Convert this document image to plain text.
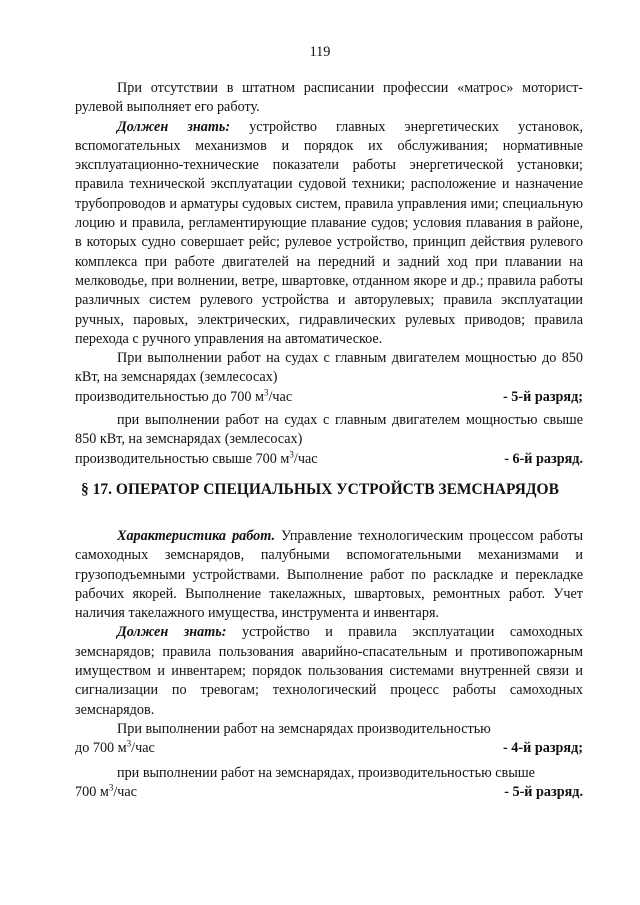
119

При отсутствии в штатном расписании профессии «матрос» моторист-рулевой выполняет его работу.

Должен знать: устройство главных энергетических установок, вспомогательных механизмов и порядок их обслуживания; нормативные эксплуатационно-технические показатели работы энергетической установки; правила технической эксплуатации судовой техники; расположение и назначение трубопроводов и арматуры судовых систем, правила управления ими; специальную лоцию и правила, регламентирующие плавание судов; условия плавания в районе, в которых судно совершает рейс; рулевое устройство, принцип действия рулевого комплекса при работе двигателей на передний и задний ход при плавании на мелководье, при волнении, ветре, швартовке, отданном якоре и др.; правила работы различных систем рулевого устройства и авторулевых; правила эксплуатации ручных, паровых, электрических, гидравлических рулевых приводов; правила перехода с ручного управления на автоматическое.

При выполнении работ на судах с главным двигателем мощностью до 850 кВт, на земснарядах (землесосах)

производительностью до 700 $м^3$/час	- 5-й разряд;

при выполнении работ на судах с главным двигателем мощностью свыше 850 кВт, на земснарядах (землесосах)

производительностью свыше 700 $м^3$/час	- 6-й разряд.
§ 17. ОПЕРАТОР СПЕЦИАЛЬНЫХ УСТРОЙСТВ ЗЕМСНАРЯДОВ

Характеристика работ. Управление технологическим процессом работы самоходных земснарядов, палубными вспомогательными механизмами и грузоподъемными устройствами. Выполнение работ по раскладке и перекладке рабочих якорей. Выполнение такелажных, швартовых, ремонтных работ. Учет наличия такелажного имущества, инструмента и инвентаря.

Должен знать: устройство и правила эксплуатации самоходных земснарядов; правила пользования аварийно-спасательным и противопожарным имуществом и инвентарем; порядок пользования системами внутренней связи и сигнализации по тревогам; технологический процесс работы самоходных земснарядов.

При выполнении работ на земснарядах производительностью

до 700 $м^3$/час	- 4-й разряд;

при выполнении работ на земснарядах, производительностью свыше

700 $м^3$/час	- 5-й разряд.
